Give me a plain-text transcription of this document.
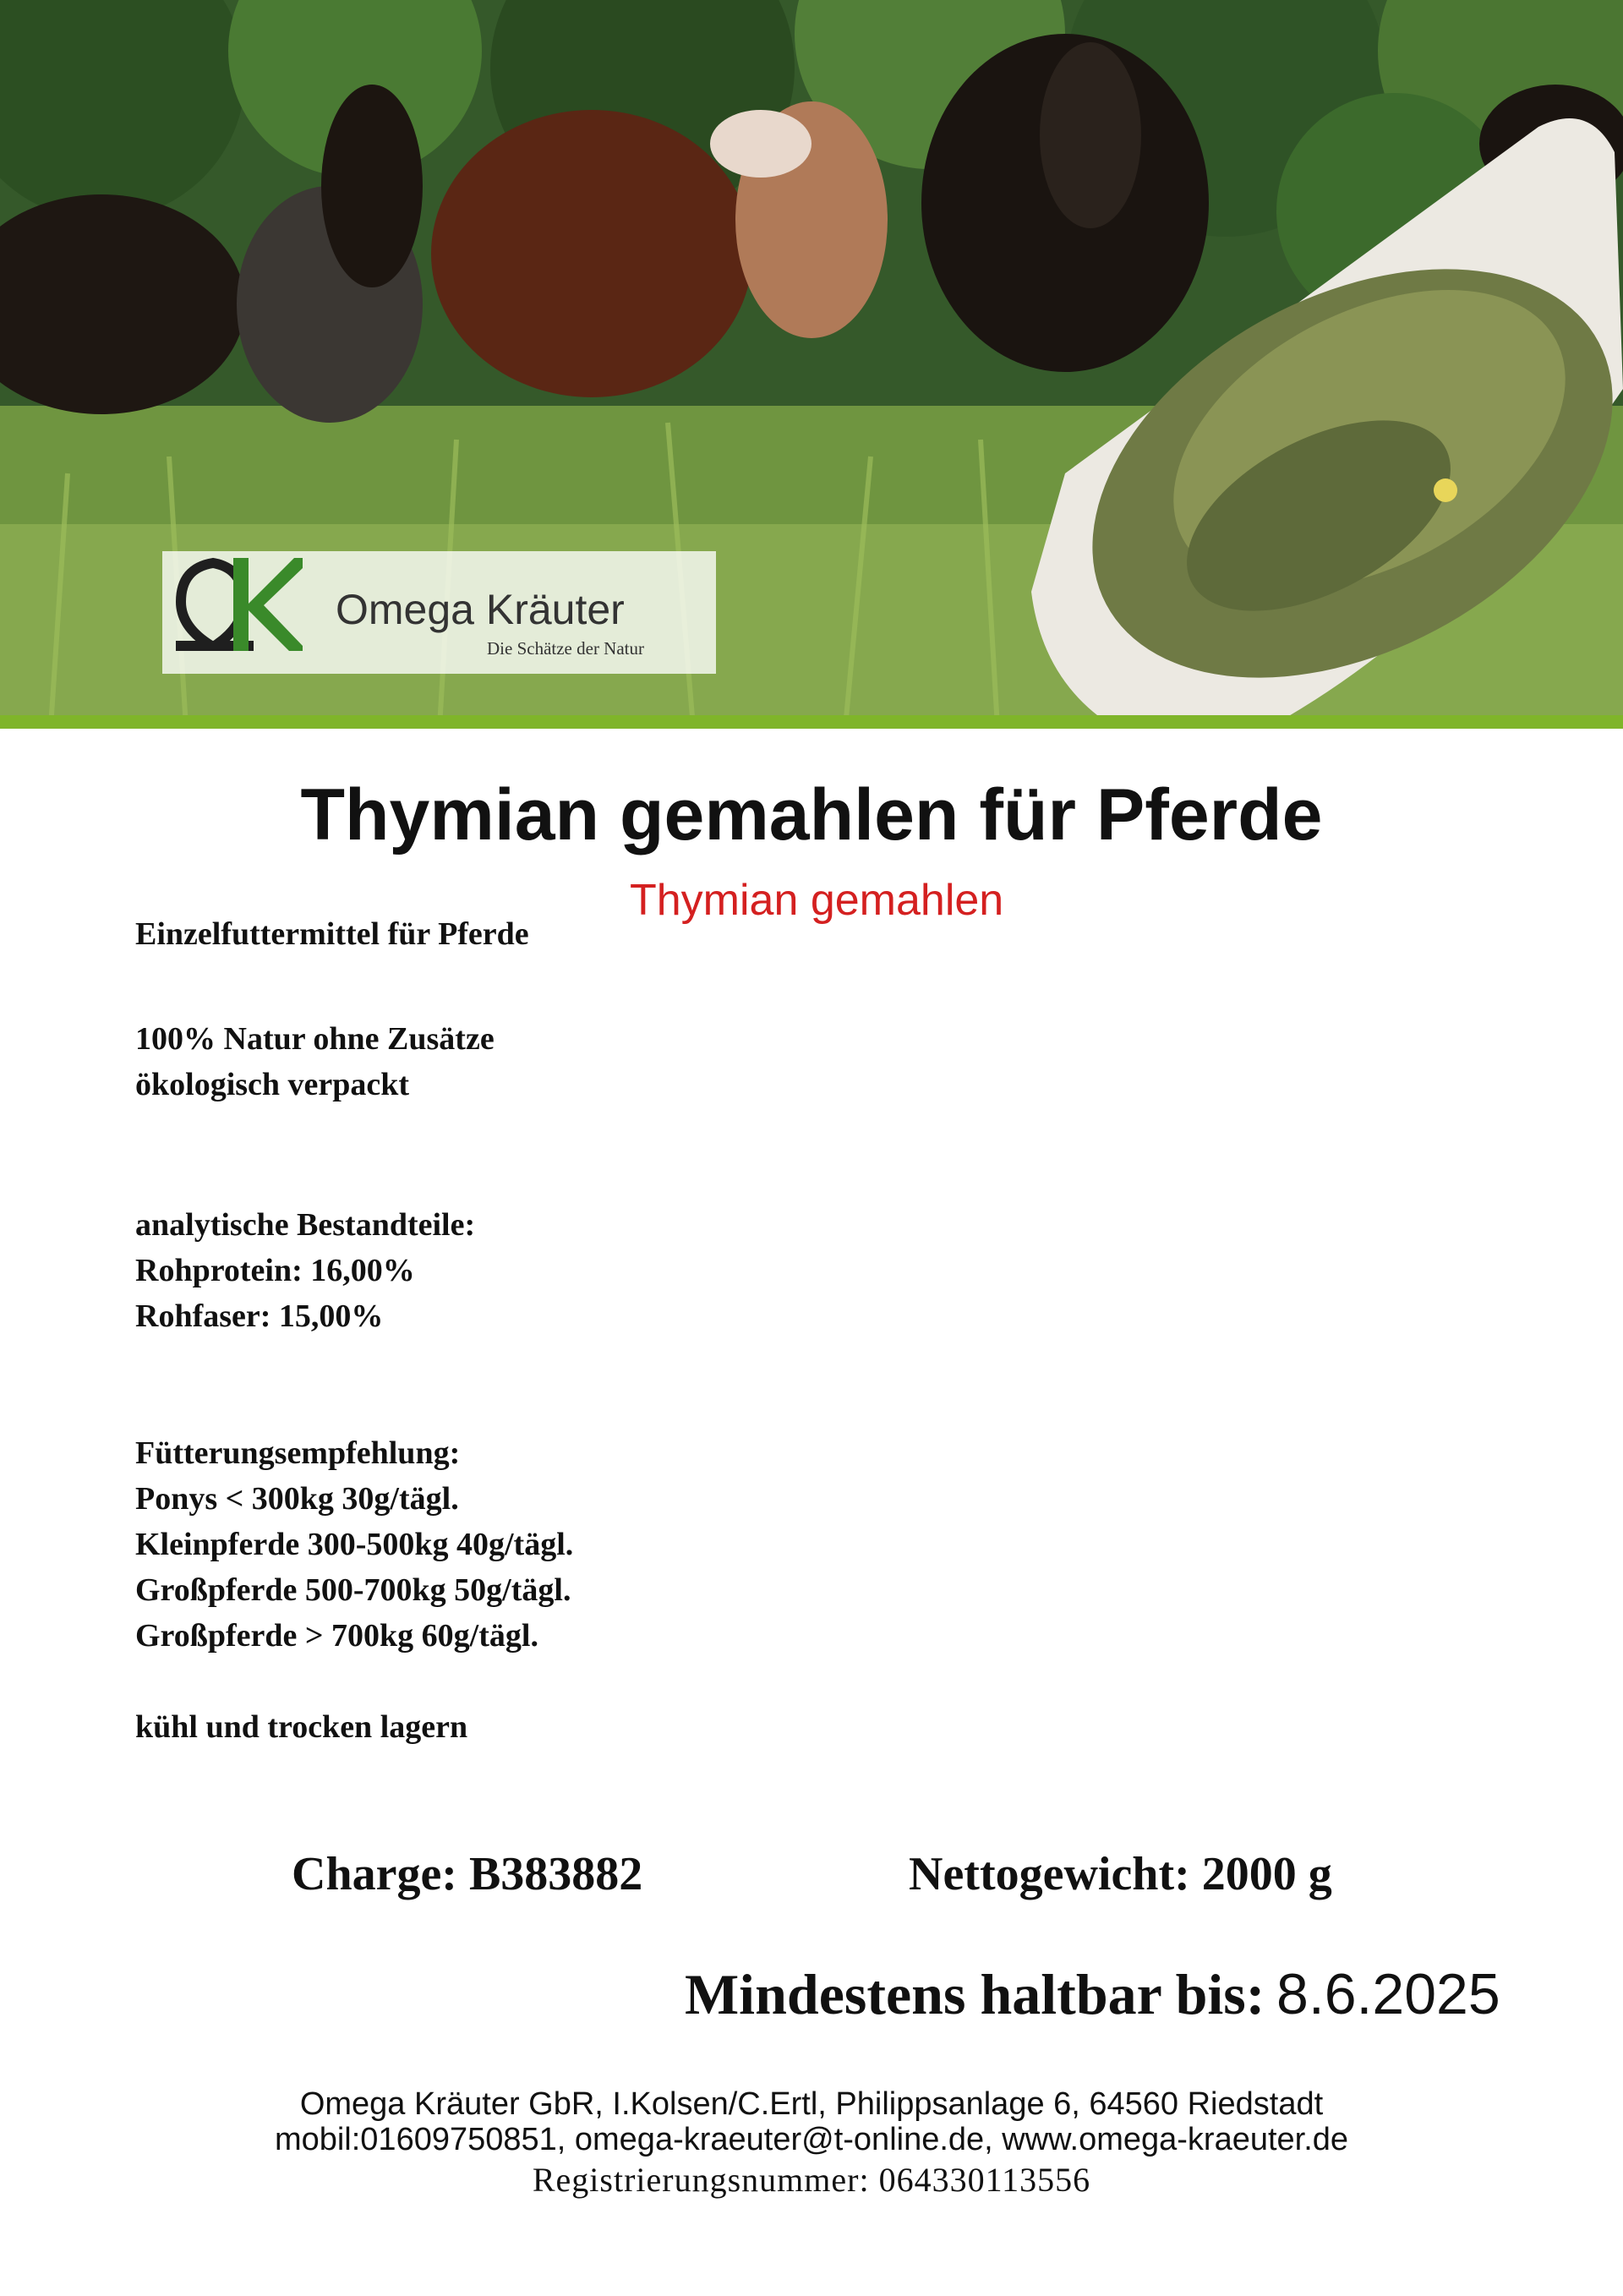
Omega Kräuter
Die Schätze der Natur
Thymian gemahlen für Pferde
Thymian gemahlen
Einzelfuttermittel für Pferde
100% Natur ohne Zusätze
ökologisch verpackt
analytische Bestandteile:
Rohprotein: 16,00%
Rohfaser: 15,00%
Fütterungsempfehlung:
Ponys < 300kg 30g/tägl.
Kleinpferde 300-500kg 40g/tägl.
Großpferde 500-700kg 50g/tägl.
Großpferde > 700kg 60g/tägl.
kühl und trocken lagern
Charge: B383882	Nettogewicht: 2000 g
Mindestens haltbar bis: 8.6.2025
Omega Kräuter GbR, I.Kolsen/C.Ertl, Philippsanlage 6, 64560 Riedstadt
mobil:01609750851, omega-kraeuter@t-online.de, www.omega-kraeuter.de
Registrierungsnummer: 064330113556
